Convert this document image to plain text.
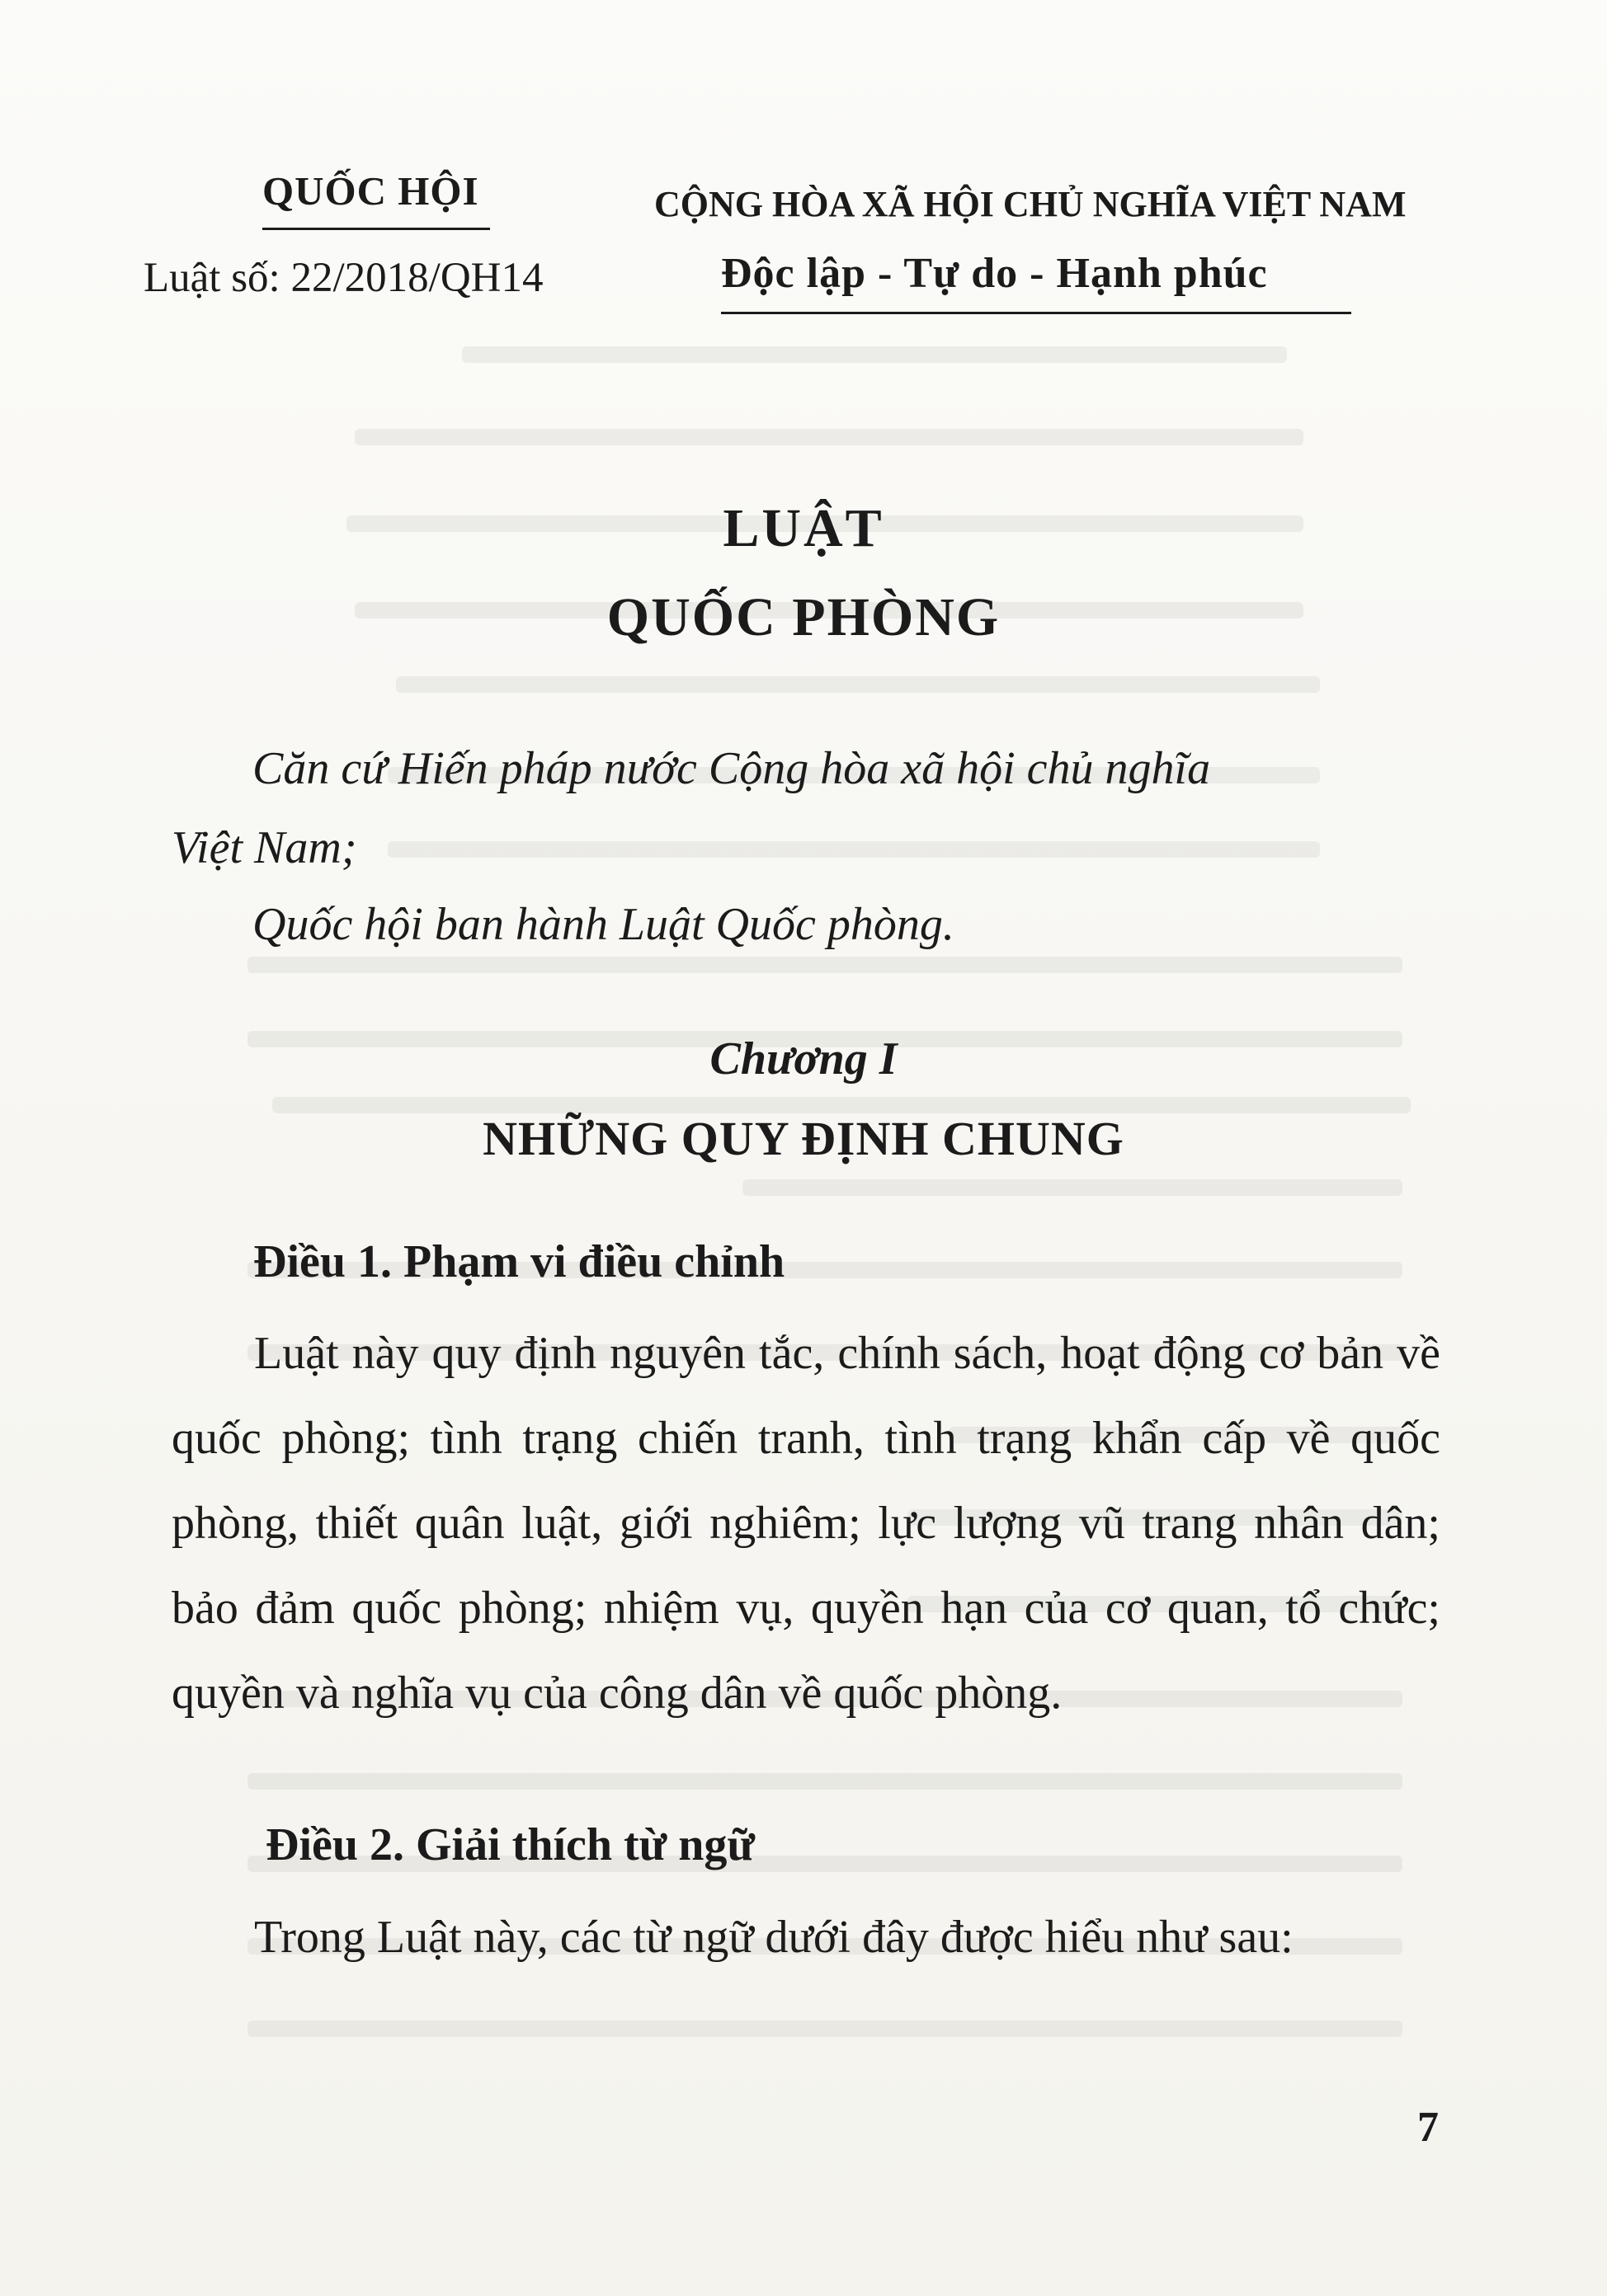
QUỐC HỘI	CỘNG HÒA XÃ HỘI CHỦ NGHĨA VIỆT NAM
Luật số: 22/2018/QH14	Độc lập - Tự do - Hạnh phúc
LUẬT
QUỐC PHÒNG
Căn cứ Hiến pháp nước Cộng hòa xã hội chủ nghĩa
Việt Nam;
Quốc hội ban hành Luật Quốc phòng.
Chương I
NHỮNG QUY ĐỊNH CHUNG
Điều 1. Phạm vi điều chỉnh

Luật này quy định nguyên tắc, chính sách, hoạt động cơ bản về quốc phòng; tình trạng chiến tranh, tình trạng khẩn cấp về quốc phòng, thiết quân luật, giới nghiêm; lực lượng vũ trang nhân dân; bảo đảm quốc phòng; nhiệm vụ, quyền hạn của cơ quan, tổ chức; quyền và nghĩa vụ của công dân về quốc phòng.

Điều 2. Giải thích từ ngữ

Trong Luật này, các từ ngữ dưới đây được hiểu như sau:

7
